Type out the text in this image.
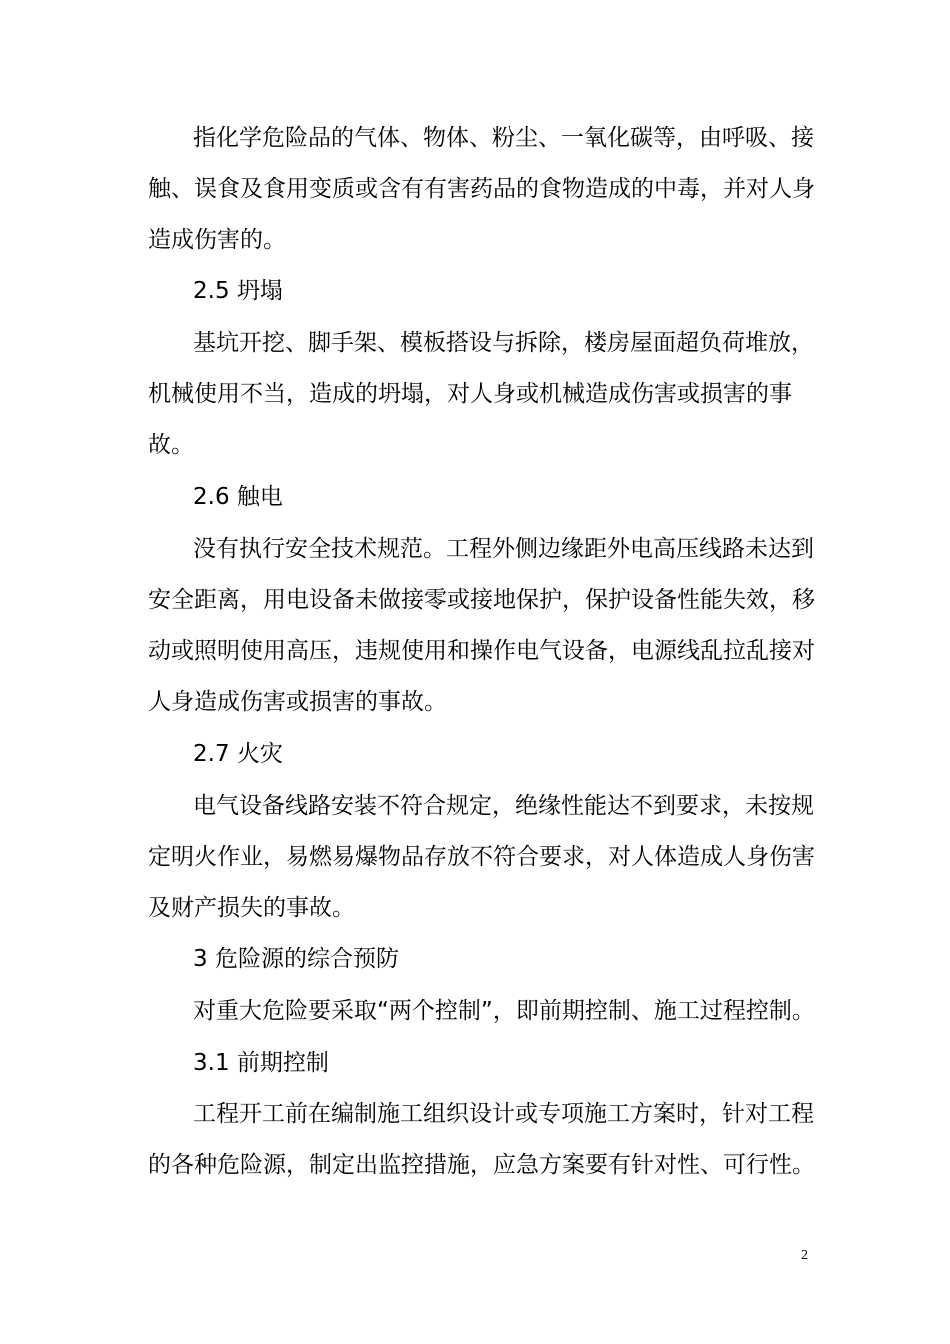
指化学危险品的气体、物体、粉尘、一氧化碳等，由呼吸、接
触、误食及食用变质或含有有害药品的食物造成的中毒，并对人身
造成伤害的。
2.5 坍塌
基坑开挖、脚手架、模板搭设与拆除，楼房屋面超负荷堆放，
机械使用不当，造成的坍塌，对人身或机械造成伤害或损害的事
故。
2.6 触电
没有执行安全技术规范。工程外侧边缘距外电高压线路未达到
安全距离，用电设备未做接零或接地保护，保护设备性能失效，移
动或照明使用高压，违规使用和操作电气设备，电源线乱拉乱接对
人身造成伤害或损害的事故。
2.7 火灾
电气设备线路安装不符合规定，绝缘性能达不到要求，未按规
定明火作业，易燃易爆物品存放不符合要求，对人体造成人身伤害
及财产损失的事故。
3 危险源的综合预防
对重大危险要采取“两个控制”，即前期控制、施工过程控制。
3.1 前期控制
工程开工前在编制施工组织设计或专项施工方案时，针对工程
的各种危险源，制定出监控措施，应急方案要有针对性、可行性。
2
